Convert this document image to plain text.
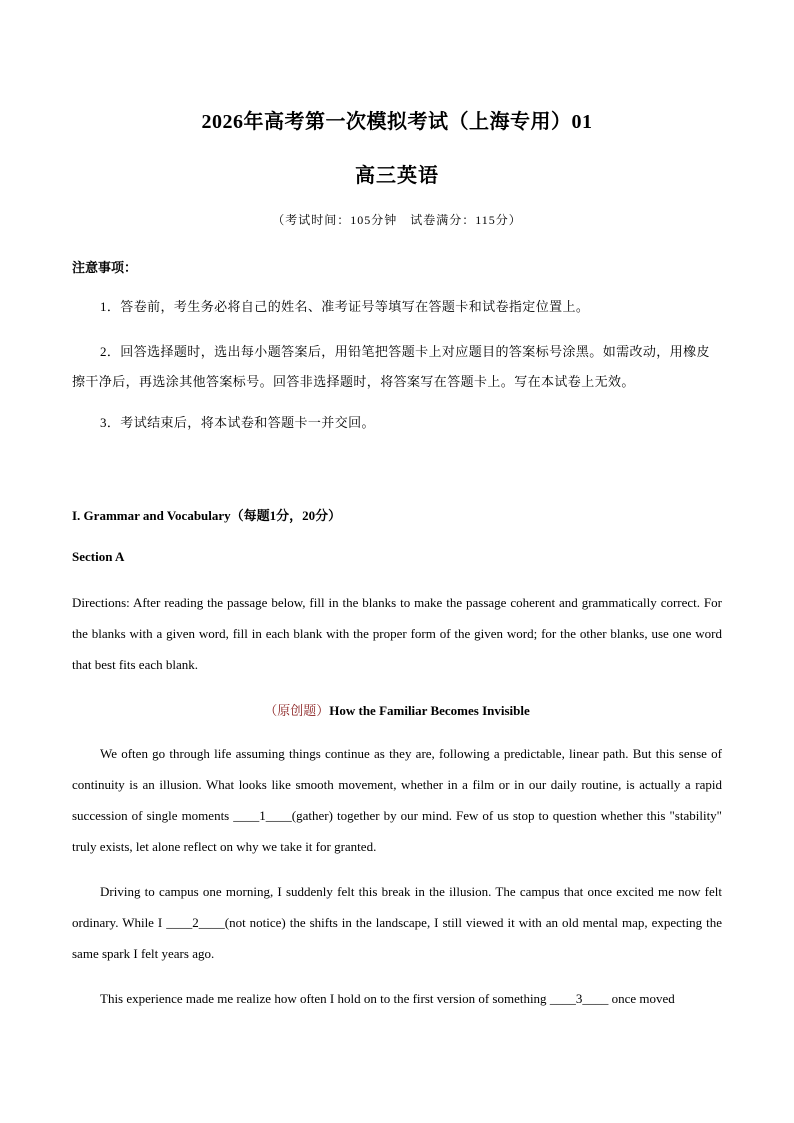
2026年高考第一次模拟考试（上海专用）01
高三英语
（考试时间：105分钟　试卷满分：115分）
注意事项：
1．答卷前，考生务必将自己的姓名、准考证号等填写在答题卡和试卷指定位置上。
2．回答选择题时，选出每小题答案后，用铅笔把答题卡上对应题目的答案标号涂黑。如需改动，用橡皮擦干净后，再选涂其他答案标号。回答非选择题时，将答案写在答题卡上。写在本试卷上无效。
3．考试结束后，将本试卷和答题卡一并交回。
I. Grammar and Vocabulary（每题1分，20分）
Section A
Directions: After reading the passage below, fill in the blanks to make the passage coherent and grammatically correct. For the blanks with a given word, fill in each blank with the proper form of the given word; for the other blanks, use one word that best fits each blank.
（原创题）How the Familiar Becomes Invisible
We often go through life assuming things continue as they are, following a predictable, linear path. But this sense of continuity is an illusion. What looks like smooth movement, whether in a film or in our daily routine, is actually a rapid succession of single moments ____1____(gather) together by our mind. Few of us stop to question whether this "stability" truly exists, let alone reflect on why we take it for granted.
Driving to campus one morning, I suddenly felt this break in the illusion. The campus that once excited me now felt ordinary. While I ____2____(not notice) the shifts in the landscape, I still viewed it with an old mental map, expecting the same spark I felt years ago.
This experience made me realize how often I hold on to the first version of something ____3____ once moved
